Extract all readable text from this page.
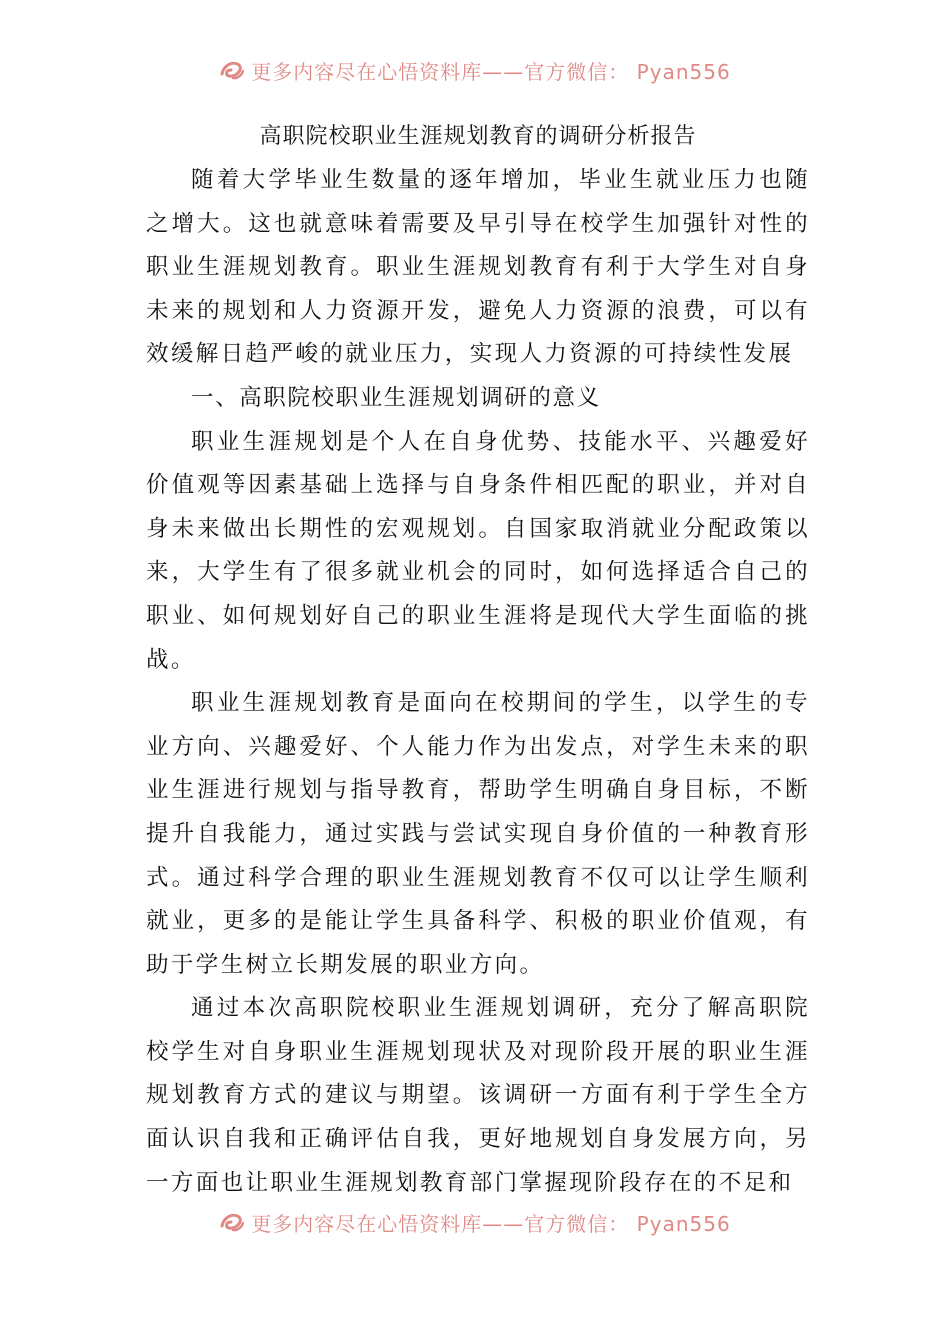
更多内容尽在心悟资料库——官方微信： Pyan556
高职院校职业生涯规划教育的调研分析报告

随着大学毕业生数量的逐年增加，毕业生就业压力也随之增大。这也就意味着需要及早引导在校学生加强针对性的职业生涯规划教育。职业生涯规划教育有利于大学生对自身未来的规划和人力资源开发，避免人力资源的浪费，可以有效缓解日趋严峻的就业压力，实现人力资源的可持续性发展

一、高职院校职业生涯规划调研的意义

职业生涯规划是个人在自身优势、技能水平、兴趣爱好价值观等因素基础上选择与自身条件相匹配的职业，并对自身未来做出长期性的宏观规划。自国家取消就业分配政策以来，大学生有了很多就业机会的同时，如何选择适合自己的职业、如何规划好自己的职业生涯将是现代大学生面临的挑战。

职业生涯规划教育是面向在校期间的学生，以学生的专业方向、兴趣爱好、个人能力作为出发点，对学生未来的职业生涯进行规划与指导教育，帮助学生明确自身目标，不断提升自我能力，通过实践与尝试实现自身价值的一种教育形式。通过科学合理的职业生涯规划教育不仅可以让学生顺利就业，更多的是能让学生具备科学、积极的职业价值观，有助于学生树立长期发展的职业方向。

通过本次高职院校职业生涯规划调研，充分了解高职院校学生对自身职业生涯规划现状及对现阶段开展的职业生涯规划教育方式的建议与期望。该调研一方面有利于学生全方面认识自我和正确评估自我，更好地规划自身发展方向，另一方面也让职业生涯规划教育部门掌握现阶段存在的不足和

更多内容尽在心悟资料库——官方微信： Pyan556
